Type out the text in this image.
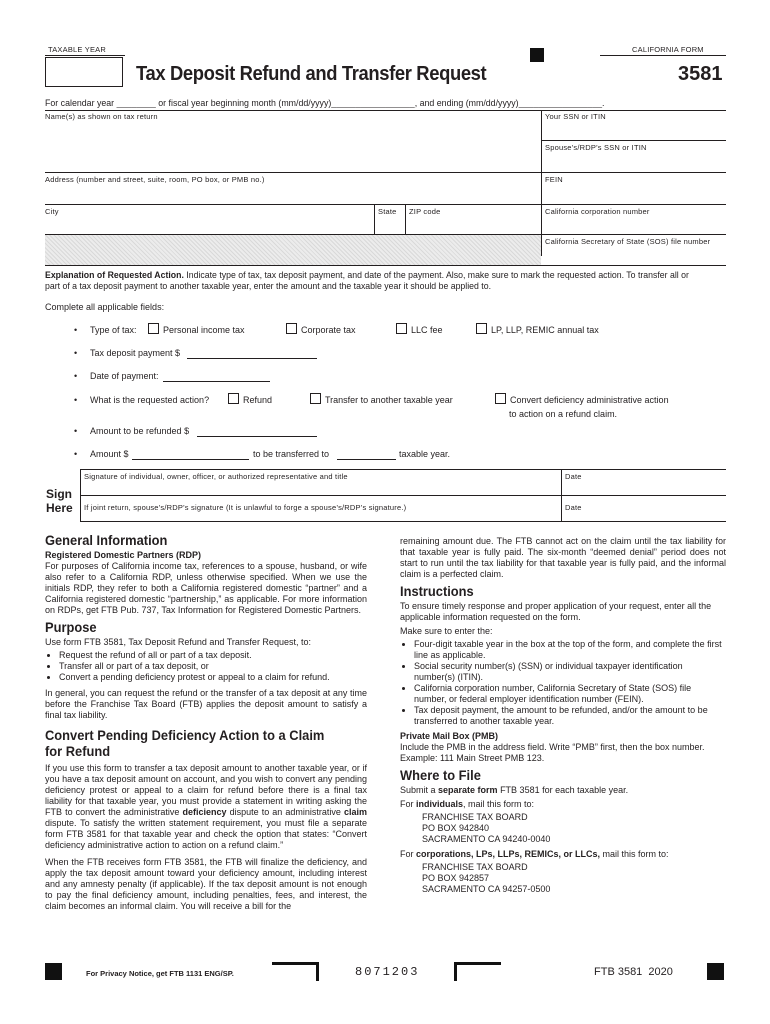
TAXABLE YEAR	CALIFORNIA FORM
Tax Deposit Refund and Transfer Request	3581
For calendar year ________ or fiscal year beginning month (mm/dd/yyyy)_________________, and ending (mm/dd/yyyy)_________________.
Name(s) as shown on tax return	Your SSN or ITIN
Spouse’s/RDP’s SSN or ITIN
Address (number and street, suite, room, PO box, or PMB no.)	FEIN
City	State ZIP code	California corporation number
California Secretary of State (SOS) file number
Explanation of Requested Action. Indicate type of tax, tax deposit payment, and date of the payment. Also, make sure to mark the requested action. To transfer all or part of a tax deposit payment to another taxable year, enter the amount and the taxable year it should be applied to.
Complete all applicable fields:
• Type of tax:	Personal income tax	Corporate tax	LLC fee	LP, LLP, REMIC annual tax
• Tax deposit payment $
• Date of payment:
• What is the requested action?	Refund	Transfer to another taxable year	Convert deficiency administrative action
to action on a refund claim.
• Amount to be refunded $
• Amount $	to be transferred to	taxable year.
Sign
Here
Signature of individual, owner, officer, or authorized representative and title	Date
If joint return, spouse’s/RDP’s signature (It is unlawful to forge a spouse’s/RDP’s signature.)	Date
General Information
Registered Domestic Partners (RDP)

For purposes of California income tax, references to a spouse, husband, or wife also refer to a California RDP, unless otherwise specified. When we use the initials RDP, they refer to both a California registered domestic “partner” and a California registered domestic “partnership,” as applicable. For more information on RDPs, get FTB Pub. 737, Tax Information for Registered Domestic Partners.

Purpose

Use form FTB 3581, Tax Deposit Refund and Transfer Request, to:

• Request the refund of all or part of a tax deposit.
• Transfer all or part of a tax deposit, or
• Convert a pending deficiency protest or appeal to a claim for refund.

In general, you can request the refund or the transfer of a tax deposit at any time before the Franchise Tax Board (FTB) applies the deposit amount to satisfy a final tax liability.

Convert Pending Deficiency Action to a Claim
for Refund

If you use this form to transfer a tax deposit amount to another taxable year, or if you have a tax deposit amount on account, and you wish to convert any pending deficiency protest or appeal to a claim for refund before there is a final tax liability for that taxable year, you must provide a statement in writing asking the FTB to convert the administrative deficiency dispute to an administrative claim dispute. To satisfy the written statement requirement, you must file a separate form FTB 3581 for that taxable year and check the option that states: “Convert deficiency administrative action to action on a refund claim.”

When the FTB receives form FTB 3581, the FTB will finalize the deficiency, and apply the tax deposit amount toward your deficiency amount, including interest and any amnesty penalty (if applicable). If the tax deposit amount is not enough to pay the final deficiency amount, including penalties, fees, and interest, the claim becomes an informal claim. You will receive a bill for the

remaining amount due. The FTB cannot act on the claim until the tax liability for that taxable year is fully paid. The six-month “deemed denial” period does not start to run until the tax liability for that taxable year is fully paid, and the informal claim is a perfected claim.

Instructions

To ensure timely response and proper application of your request, enter all the applicable information requested on the form.

Make sure to enter the:

• Four-digit taxable year in the box at the top of the form, and complete the first line as applicable.
• Social security number(s) (SSN) or individual taxpayer identification number(s) (ITIN).
• California corporation number, California Secretary of State (SOS) file number, or federal employer identification number (FEIN).
• Tax deposit payment, the amount to be refunded, and/or the amount to be transferred to another taxable year.
Private Mail Box (PMB)

Include the PMB in the address field. Write “PMB” first, then the box number. Example: 111 Main Street PMB 123.

Where to File

Submit a separate form FTB 3581 for each taxable year.

For individuals, mail this form to:

FRANCHISE TAX BOARD
PO BOX 942840
SACRAMENTO CA 94240-0040

For corporations, LPs, LLPs, REMICs, or LLCs, mail this form to:

FRANCHISE TAX BOARD
PO BOX 942857
SACRAMENTO CA 94257-0500
For Privacy Notice, get FTB 1131 ENG/SP.	8071203	FTB 3581  2020
